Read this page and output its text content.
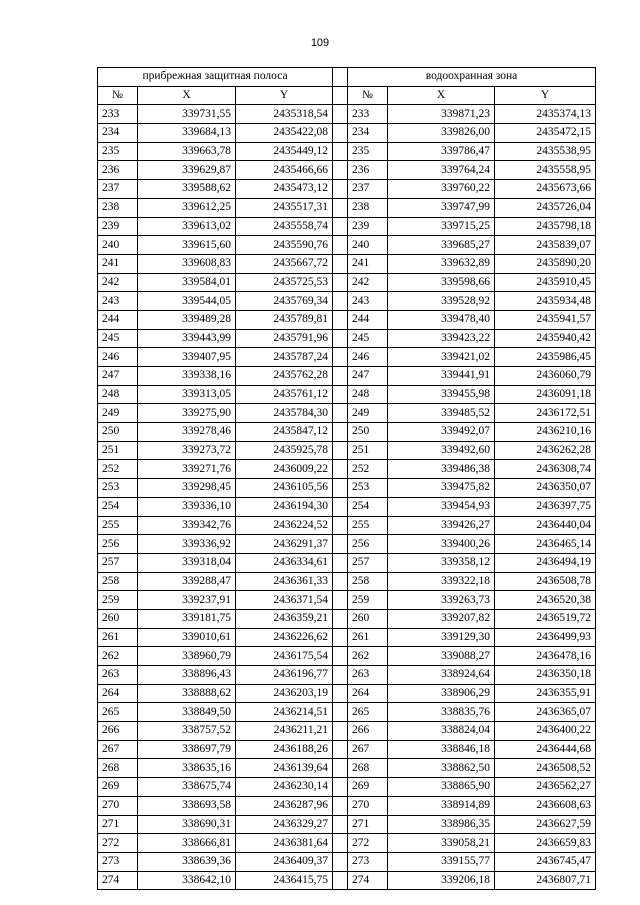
109
прибрежная защитная полоса				водоохранная зона		
№	X	Y		№	X	Y
233	339731,55	2435318,54		233	339871,23	2435374,13
234	339684,13	2435422,08		234	339826,00	2435472,15
235	339663,78	2435449,12		235	339786,47	2435538,95
236	339629,87	2435466,66		236	339764,24	2435558,95
237	339588,62	2435473,12		237	339760,22	2435673,66
238	339612,25	2435517,31		238	339747,99	2435726,04
239	339613,02	2435558,74		239	339715,25	2435798,18
240	339615,60	2435590,76		240	339685,27	2435839,07
241	339608,83	2435667,72		241	339632,89	2435890,20
242	339584,01	2435725,53		242	339598,66	2435910,45
243	339544,05	2435769,34		243	339528,92	2435934,48
244	339489,28	2435789,81		244	339478,40	2435941,57
245	339443,99	2435791,96		245	339423,22	2435940,42
246	339407,95	2435787,24		246	339421,02	2435986,45
247	339338,16	2435762,28		247	339441,91	2436060,79
248	339313,05	2435761,12		248	339455,98	2436091,18
249	339275,90	2435784,30		249	339485,52	2436172,51
250	339278,46	2435847,12		250	339492,07	2436210,16
251	339273,72	2435925,78		251	339492,60	2436262,28
252	339271,76	2436009,22		252	339486,38	2436308,74
253	339298,45	2436105,56		253	339475,82	2436350,07
254	339336,10	2436194,30		254	339454,93	2436397,75
255	339342,76	2436224,52		255	339426,27	2436440,04
256	339336,92	2436291,37		256	339400,26	2436465,14
257	339318,04	2436334,61		257	339358,12	2436494,19
258	339288,47	2436361,33		258	339322,18	2436508,78
259	339237,91	2436371,54		259	339263,73	2436520,38
260	339181,75	2436359,21		260	339207,82	2436519,72
261	339010,61	2436226,62		261	339129,30	2436499,93
262	338960,79	2436175,54		262	339088,27	2436478,16
263	338896,43	2436196,77		263	338924,64	2436350,18
264	338888,62	2436203,19		264	338906,29	2436355,91
265	338849,50	2436214,51		265	338835,76	2436365,07
266	338757,52	2436211,21		266	338824,04	2436400,22
267	338697,79	2436188,26		267	338846,18	2436444,68
268	338635,16	2436139,64		268	338862,50	2436508,52
269	338675,74	2436230,14		269	338865,90	2436562,27
270	338693,58	2436287,96		270	338914,89	2436608,63
271	338690,31	2436329,27		271	338986,35	2436627,59
272	338666,81	2436381,64		272	339058,21	2436659,83
273	338639,36	2436409,37		273	339155,77	2436745,47
274	338642,10	2436415,75		274	339206,18	2436807,71
